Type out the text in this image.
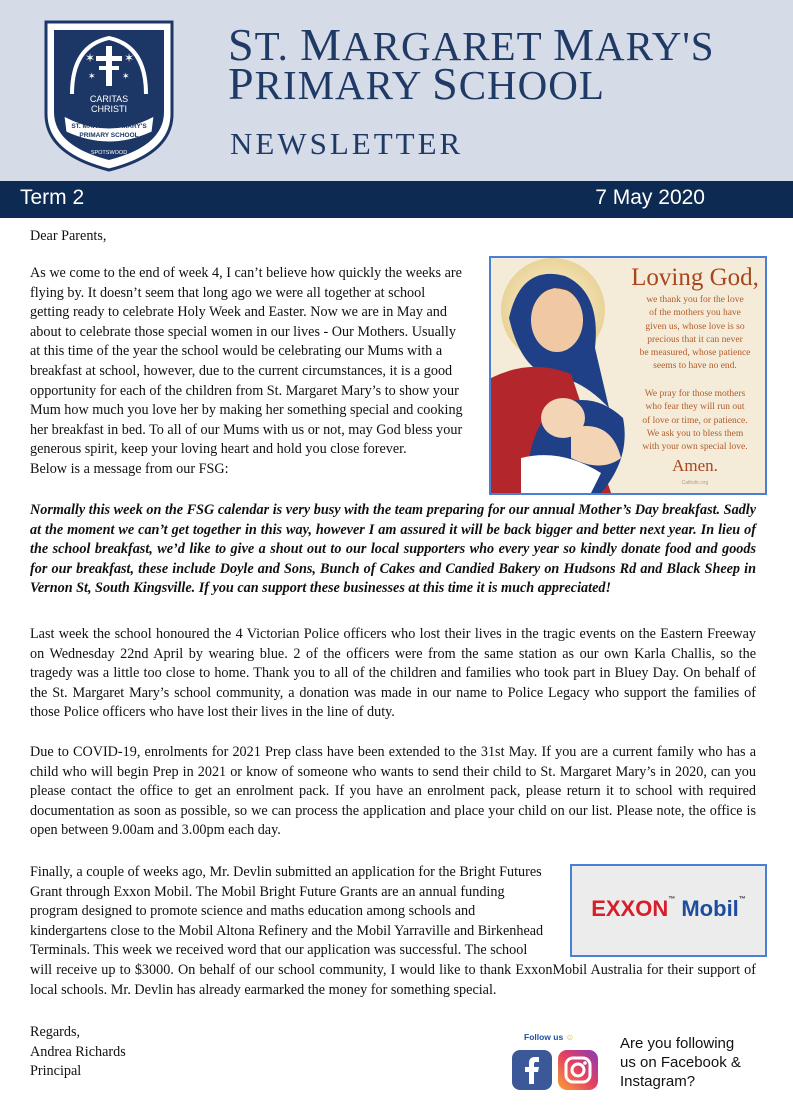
✶ ✶
✶	✶
CARITAS
CHRISTI
ST. MARGARET MARY'S
PRIMARY SCHOOL
SPOTSWOOD
ST. MARGARET MARY'S
PRIMARY SCHOOL
NEWSLETTER
Term 2	7 May 2020
Dear Parents,
As we come to the end of week 4, I can’t believe how quickly the weeks are
flying by. It doesn’t seem that long ago we were all together at school
getting ready to celebrate Holy Week and Easter. Now we are in May and
about to celebrate those special women in our lives - Our Mothers. Usually
at this time of the year the school would be celebrating our Mums with a
breakfast at school, however, due to the current circumstances, it is a good
opportunity for each of the children from St. Margaret Mary’s to show your
Mum how much you love her by making her something special and cooking
her breakfast in bed. To all of our Mums with us or not, may God bless your
generous spirit, keep your loving heart and hold you close forever.
Below is a message from our FSG:
Loving God,
we thank you for the love
of the mothers you have
given us, whose love is so
precious that it can never
be measured, whose patience
seems to have no end.
We pray for those mothers
who fear they will run out
of love or time, or patience.
We ask you to bless them
with your own special love.
Amen.
Catholic.org
Normally this week on the FSG calendar is very busy with the team preparing for our annual Mother’s Day breakfast. Sadly at the moment we can’t get together in this way, however I am assured it will be back bigger and better next year. In lieu of the school breakfast, we’d like to give a shout out to our local supporters who every year so kindly donate food and goods for our breakfast, these include Doyle and Sons, Bunch of Cakes and Candied Bakery on Hudsons Rd and Black Sheep in Vernon St, South Kingsville. If you can support these businesses at this time it is much appreciated!
Last week the school honoured the 4 Victorian Police officers who lost their lives in the tragic events on the Eastern Freeway on Wednesday 22nd April by wearing blue. 2 of the officers were from the same station as our own Karla Challis, so the tragedy was a little too close to home. Thank you to all of the children and families who took part in Bluey Day. On behalf of the St. Margaret Mary’s school community, a donation was made in our name to Police Legacy who support the families of those Police officers who have lost their lives in the line of duty.
Due to COVID-19, enrolments for 2021 Prep class have been extended to the 31st May. If you are a current family who has a child who will begin Prep in 2021 or know of someone who wants to send their child to St. Margaret Mary’s in 2020, can you please contact the office to get an enrolment pack. If you have an enrolment pack, please return it to school with required documentation as soon as possible, so we can process the application and place your child on our list. Please note, the office is open between 9.00am and 3.00pm each day.
Finally, a couple of weeks ago, Mr. Devlin submitted an application for the Bright Futures
Grant through Exxon Mobil. The Mobil Bright Future Grants are an annual funding
program designed to promote science and maths education among schools and
kindergartens close to the Mobil Altona Refinery and the Mobil Yarraville and Birkenhead
Terminals. This week we received word that our application was successful. The school
will receive up to $3000. On behalf of our school community, I would like to thank ExxonMobil Australia for their support of local schools. Mr. Devlin has already earmarked the money for something special.
EXXON™ Mobil™
Regards,
Andrea Richards
Principal
Follow us ☺	Are you following
us on Facebook &
Instagram?
